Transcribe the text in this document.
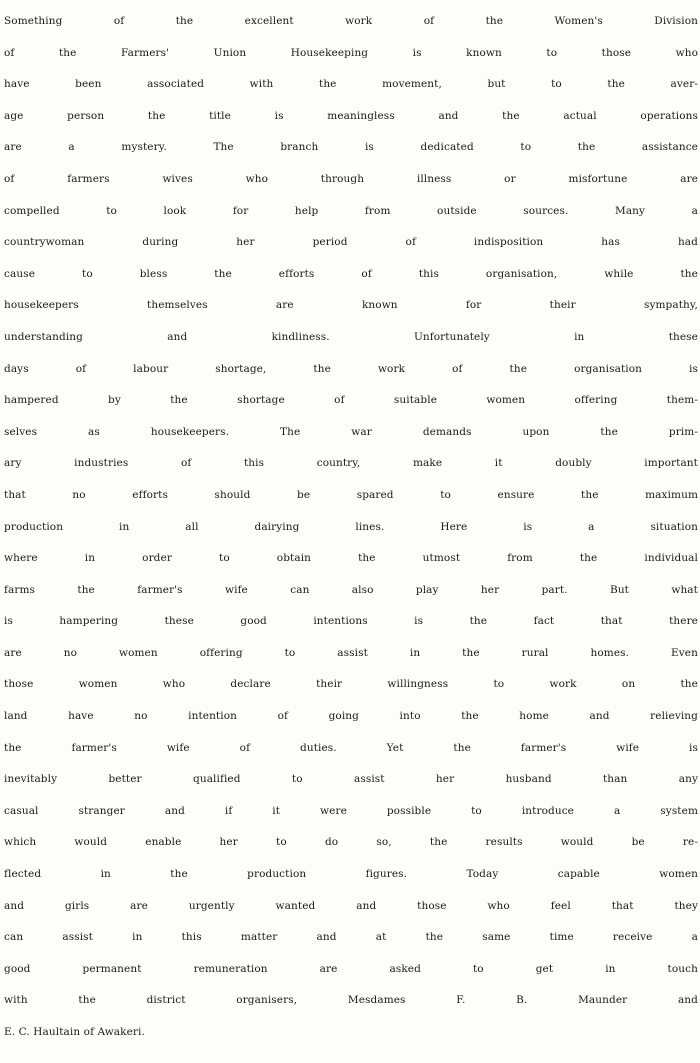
Something of the excellent work of the Women's Division
of the Farmers' Union Housekeeping is known to those who
have been associated with the movement, but to the aver-
age person the title is meaningless and the actual operations
are a mystery. The branch is dedicated to the assistance
of farmers wives who through illness or misfortune are
compelled to look for help from outside sources. Many a
countrywoman during her period of indisposition has had
cause to bless the efforts of this organisation, while the
housekeepers themselves are known for their sympathy,
understanding and kindliness. Unfortunately in these
days of labour shortage, the work of the organisation is
hampered by the shortage of suitable women offering them-
selves as housekeepers. The war demands upon the prim-
ary industries of this country, make it doubly important
that no efforts should be spared to ensure the maximum
production in all dairying lines. Here is a situation
where in order to obtain the utmost from the individual
farms the farmer's wife can also play her part. But what
is hampering these good intentions is the fact that there
are no women offering to assist in the rural homes. Even
those women who declare their willingness to work on the
land have no intention of going into the home and relieving
the farmer's wife of duties. Yet the farmer's wife is
inevitably better qualified to assist her husband than any
casual stranger and if it were possible to introduce a system
which would enable her to do so, the results would be re-
flected in the production figures. Today capable women
and girls are urgently wanted and those who feel that they
can assist in this matter and at the same time receive a
good permanent remuneration are asked to get in touch
with the district organisers, Mesdames F. B. Maunder and
E. C. Haultain of Awakeri.
